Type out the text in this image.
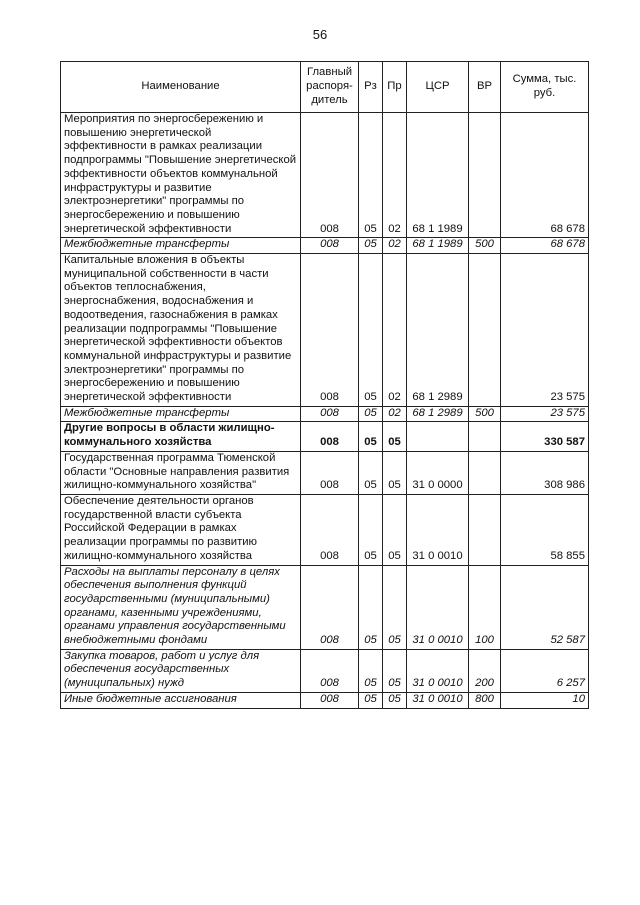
56
Наименование	Главный распоря-дитель	Рз	Пр	ЦСР	ВР	Сумма, тыс. руб.
Мероприятия по энергосбережению и повышению энергетической эффективности в рамках реализации подпрограммы "Повышение энергетической эффективности объектов коммунальной инфраструктуры и развитие электроэнергетики" программы по энергосбережению и повышению энергетической эффективности	008	05	02	68 1 1989		68 678
Межбюджетные трансферты	008	05	02	68 1 1989	500	68 678
Капитальные вложения в объекты муниципальной собственности в части объектов теплоснабжения, энергоснабжения, водоснабжения и водоотведения, газоснабжения в рамках реализации подпрограммы "Повышение энергетической эффективности объектов коммунальной инфраструктуры и развитие электроэнергетики" программы по энергосбережению и повышению энергетической эффективности	008	05	02	68 1 2989		23 575
Межбюджетные трансферты	008	05	02	68 1 2989	500	23 575
Другие вопросы в области жилищно-коммунального хозяйства	008	05	05			330 587
Государственная программа Тюменской области "Основные направления развития жилищно-коммунального хозяйства"	008	05	05	31 0 0000		308 986
Обеспечение деятельности органов государственной власти субъекта Российской Федерации в рамках реализации программы по развитию жилищно-коммунального хозяйства	008	05	05	31 0 0010		58 855
Расходы на выплаты персоналу в целях обеспечения выполнения функций государственными (муниципальными) органами, казенными учреждениями, органами управления государственными внебюджетными фондами	008	05	05	31 0 0010	100	52 587
Закупка товаров, работ и услуг для обеспечения государственных (муниципальных) нужд	008	05	05	31 0 0010	200	6 257
Иные бюджетные ассигнования	008	05	05	31 0 0010	800	10
